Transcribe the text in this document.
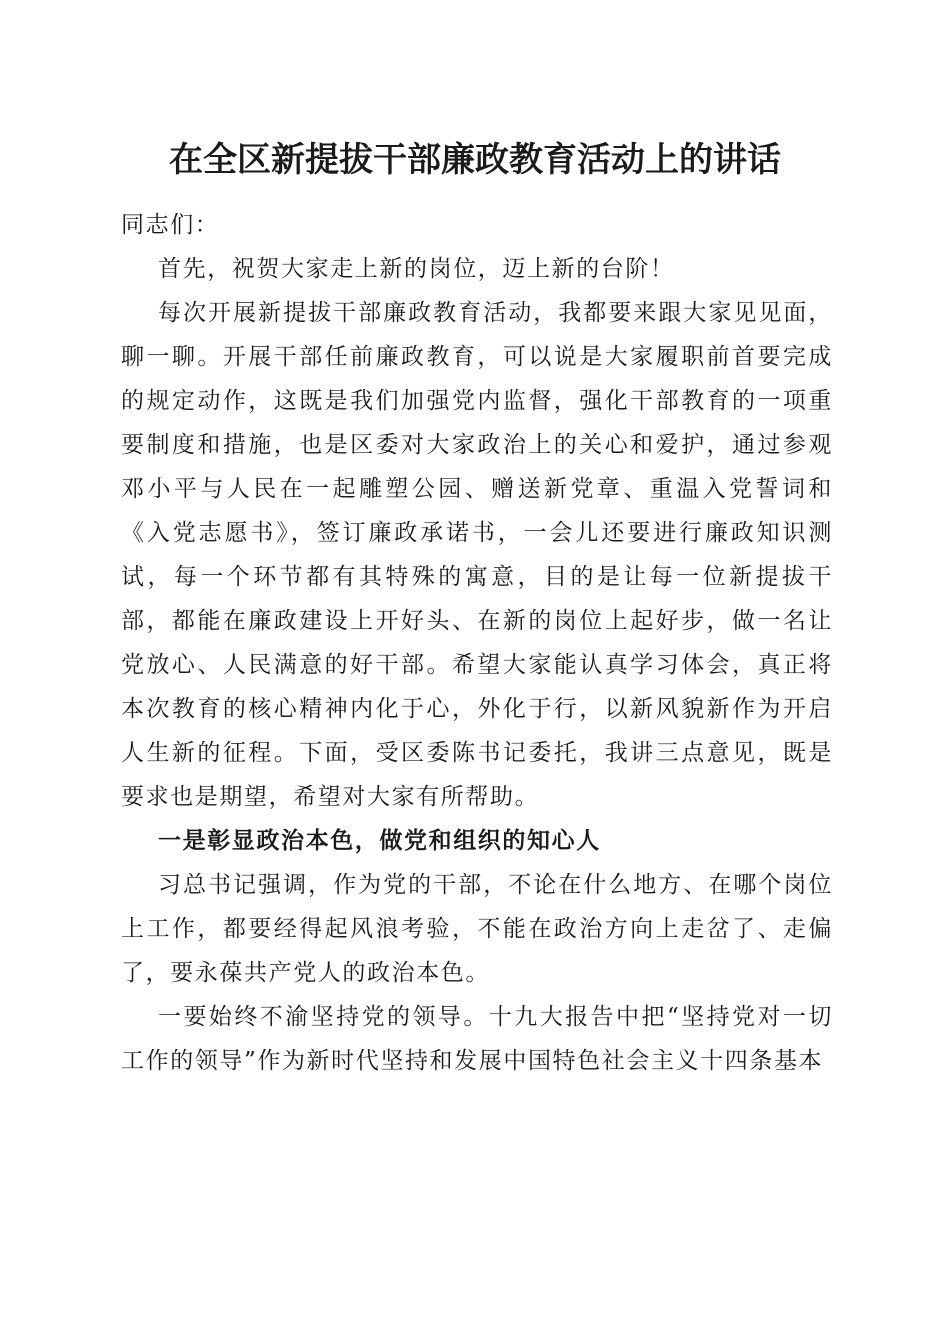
在全区新提拔干部廉政教育活动上的讲话

同志们：

首先，祝贺大家走上新的岗位，迈上新的台阶！

每次开展新提拔干部廉政教育活动，我都要来跟大家见见面，聊一聊。开展干部任前廉政教育，可以说是大家履职前首要完成的规定动作，这既是我们加强党内监督，强化干部教育的一项重要制度和措施，也是区委对大家政治上的关心和爱护，通过参观邓小平与人民在一起雕塑公园、赠送新党章、重温入党誓词和《入党志愿书》，签订廉政承诺书，一会儿还要进行廉政知识测试，每一个环节都有其特殊的寓意，目的是让每一位新提拔干部，都能在廉政建设上开好头、在新的岗位上起好步，做一名让党放心、人民满意的好干部。希望大家能认真学习体会，真正将本次教育的核心精神内化于心，外化于行，以新风貌新作为开启人生新的征程。下面，受区委陈书记委托，我讲三点意见，既是要求也是期望，希望对大家有所帮助。

一是彰显政治本色，做党和组织的知心人

习总书记强调，作为党的干部，不论在什么地方、在哪个岗位上工作，都要经得起风浪考验，不能在政治方向上走岔了、走偏了，要永葆共产党人的政治本色。

一要始终不渝坚持党的领导。十九大报告中把“坚持党对一切工作的领导”作为新时代坚持和发展中国特色社会主义十四条基本
